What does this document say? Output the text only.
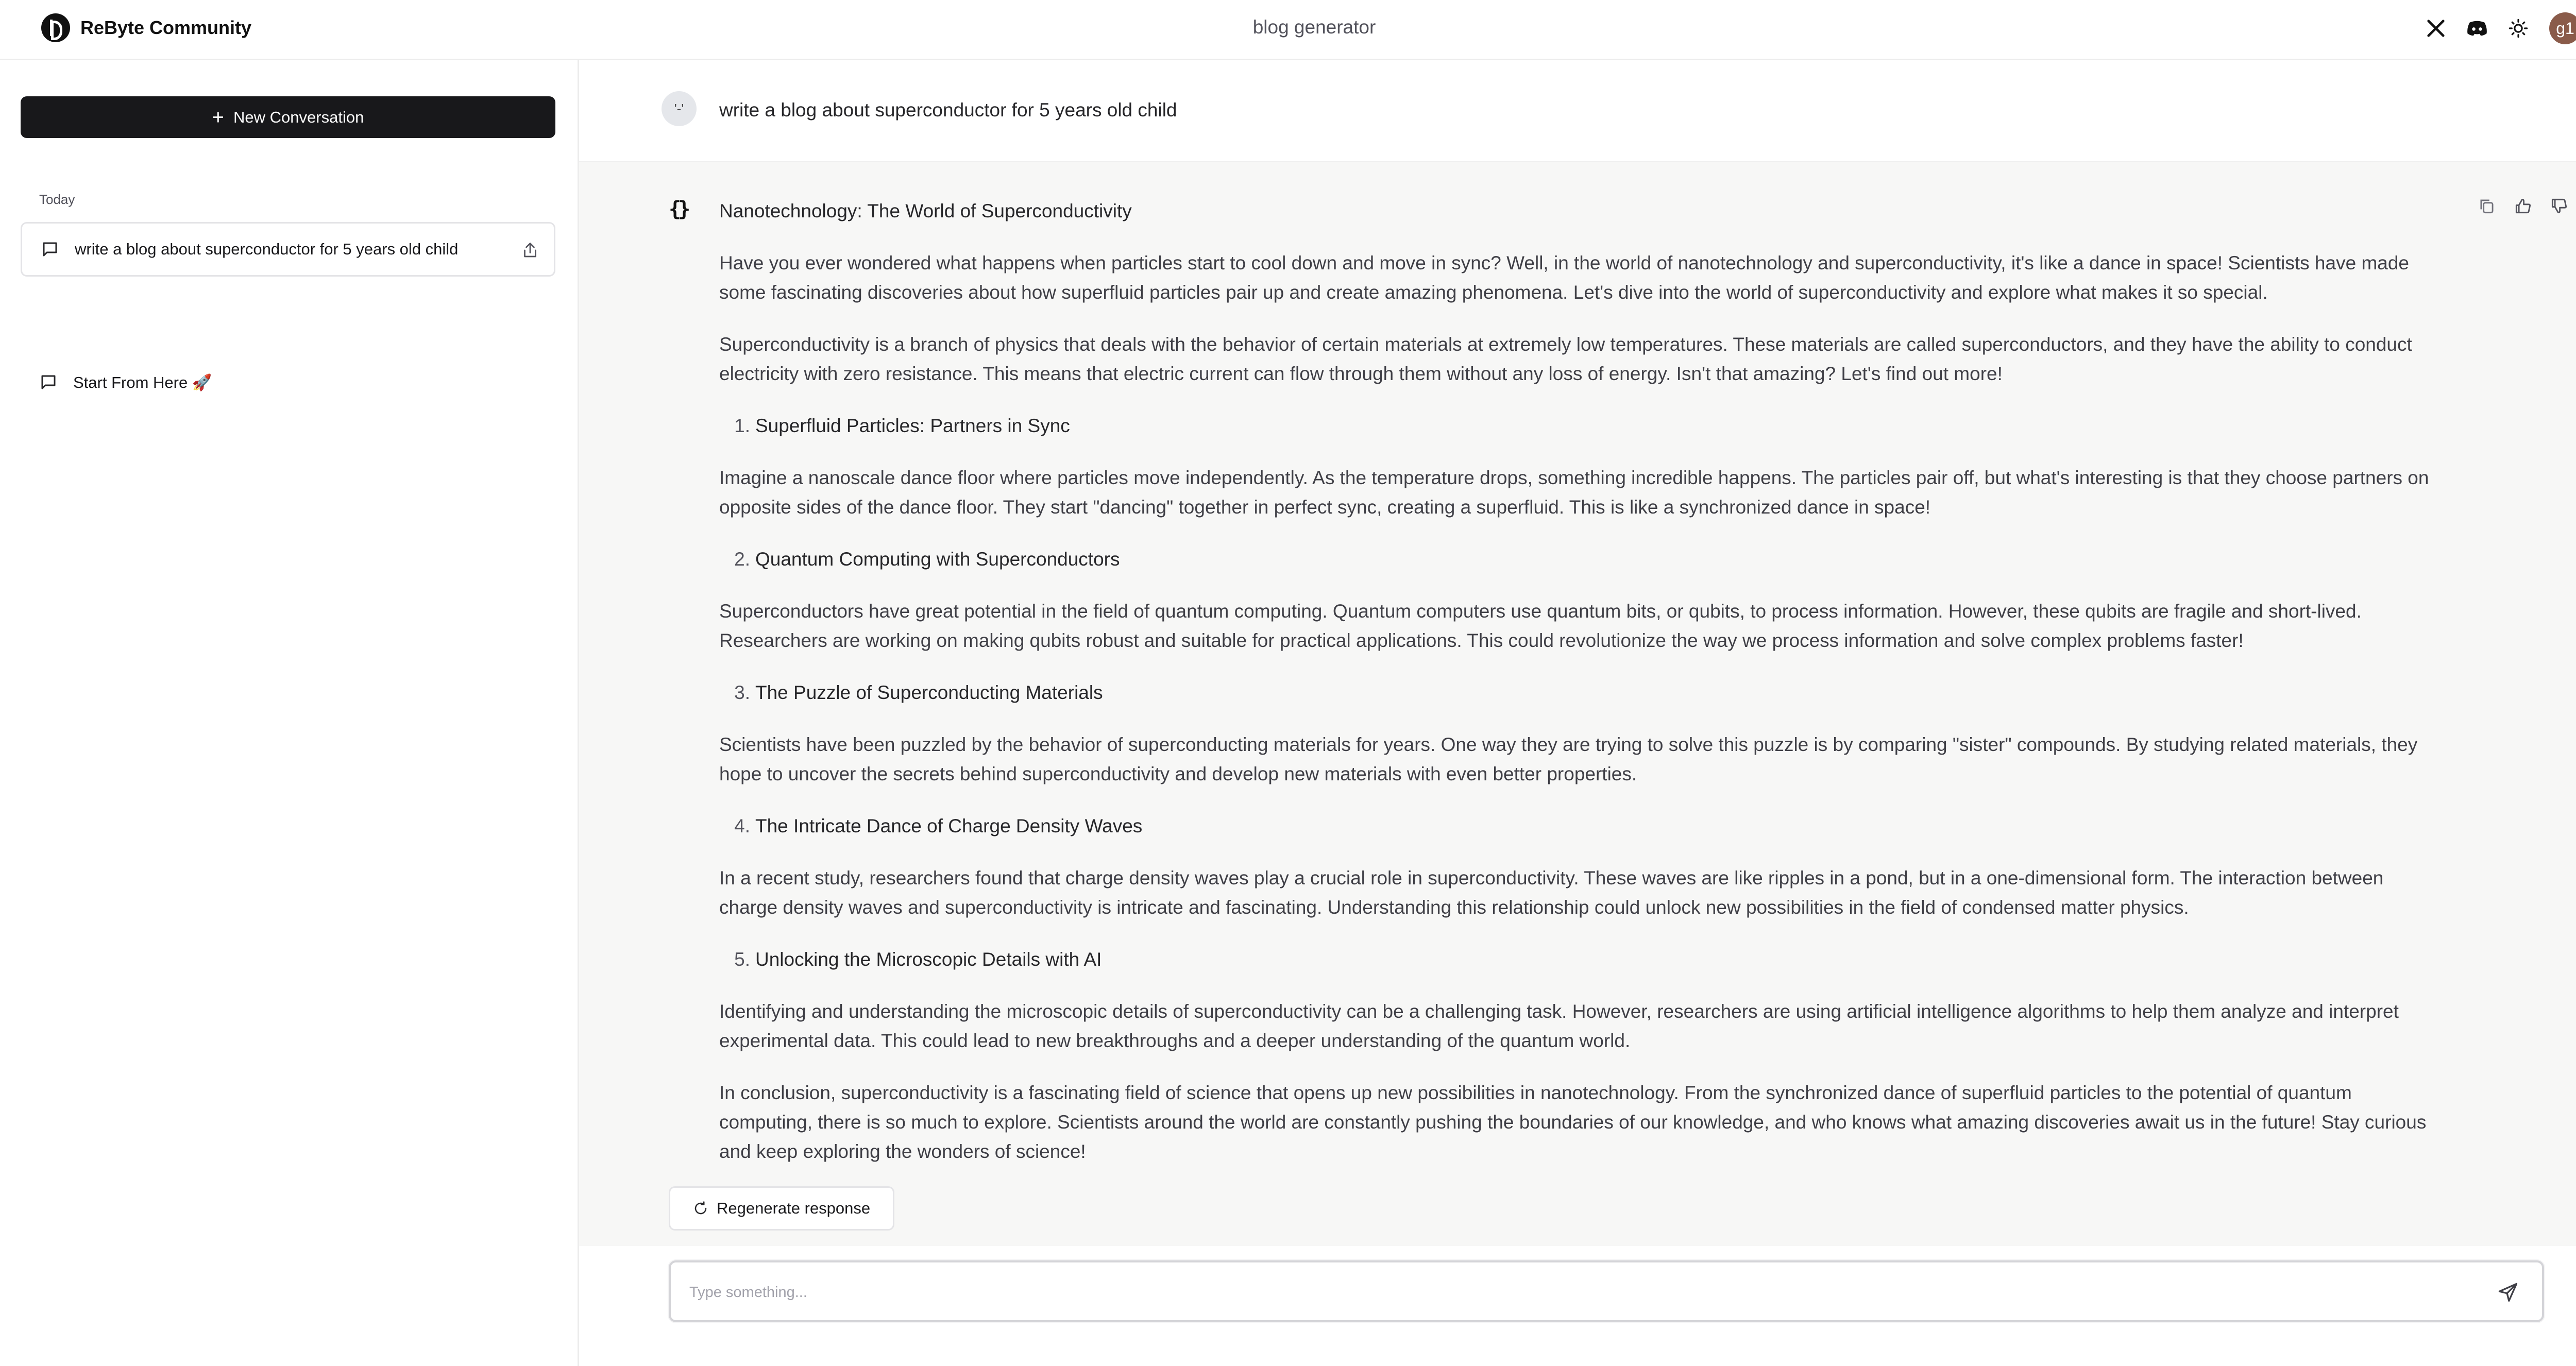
ReByte Community	blog generator	g1
+ New Conversation
Today
write a blog about superconductor for 5 years old child
Start From Here 🚀
'-'	write a blog about superconductor for 5 years old child
{} Nanotechnology: The World of Superconductivity

Have you ever wondered what happens when particles start to cool down and move in sync? Well, in the world of nanotechnology and superconductivity, it's like a dance in space! Scientists have made some fascinating discoveries about how superfluid particles pair up and create amazing phenomena. Let's dive into the world of superconductivity and explore what makes it so special.

Superconductivity is a branch of physics that deals with the behavior of certain materials at extremely low temperatures. These materials are called superconductors, and they have the ability to conduct electricity with zero resistance. This means that electric current can flow through them without any loss of energy. Isn't that amazing? Let's find out more!

1. Superfluid Particles: Partners in Sync

Imagine a nanoscale dance floor where particles move independently. As the temperature drops, something incredible happens. The particles pair off, but what's interesting is that they choose partners on opposite sides of the dance floor. They start "dancing" together in perfect sync, creating a superfluid. This is like a synchronized dance in space!

2. Quantum Computing with Superconductors

Superconductors have great potential in the field of quantum computing. Quantum computers use quantum bits, or qubits, to process information. However, these qubits are fragile and short-lived. Researchers are working on making qubits robust and suitable for practical applications. This could revolutionize the way we process information and solve complex problems faster!

3. The Puzzle of Superconducting Materials

Scientists have been puzzled by the behavior of superconducting materials for years. One way they are trying to solve this puzzle is by comparing "sister" compounds. By studying related materials, they hope to uncover the secrets behind superconductivity and develop new materials with even better properties.

4. The Intricate Dance of Charge Density Waves

In a recent study, researchers found that charge density waves play a crucial role in superconductivity. These waves are like ripples in a pond, but in a one-dimensional form. The interaction between charge density waves and superconductivity is intricate and fascinating. Understanding this relationship could unlock new possibilities in the field of condensed matter physics.

5. Unlocking the Microscopic Details with AI

Identifying and understanding the microscopic details of superconductivity can be a challenging task. However, researchers are using artificial intelligence algorithms to help them analyze and interpret experimental data. This could lead to new breakthroughs and a deeper understanding of the quantum world.

In conclusion, superconductivity is a fascinating field of science that opens up new possibilities in nanotechnology. From the synchronized dance of superfluid particles to the potential of quantum computing, there is so much to explore. Scientists around the world are constantly pushing the boundaries of our knowledge, and who knows what amazing discoveries await us in the future! Stay curious and keep exploring the wonders of science!

Regenerate response
Type something...
